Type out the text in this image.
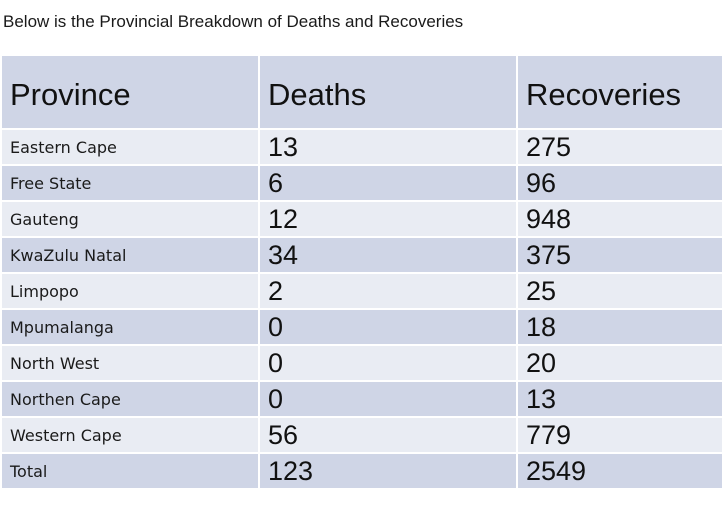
Below is the Provincial Breakdown of Deaths and Recoveries
Province	Deaths	Recoveries
Eastern Cape	13	275
Free State	6	96
Gauteng	12	948
KwaZulu Natal	34	375
Limpopo	2	25
Mpumalanga	0	18
North West	0	20
Northen Cape	0	13
Western Cape	56	779
Total	123	2549
